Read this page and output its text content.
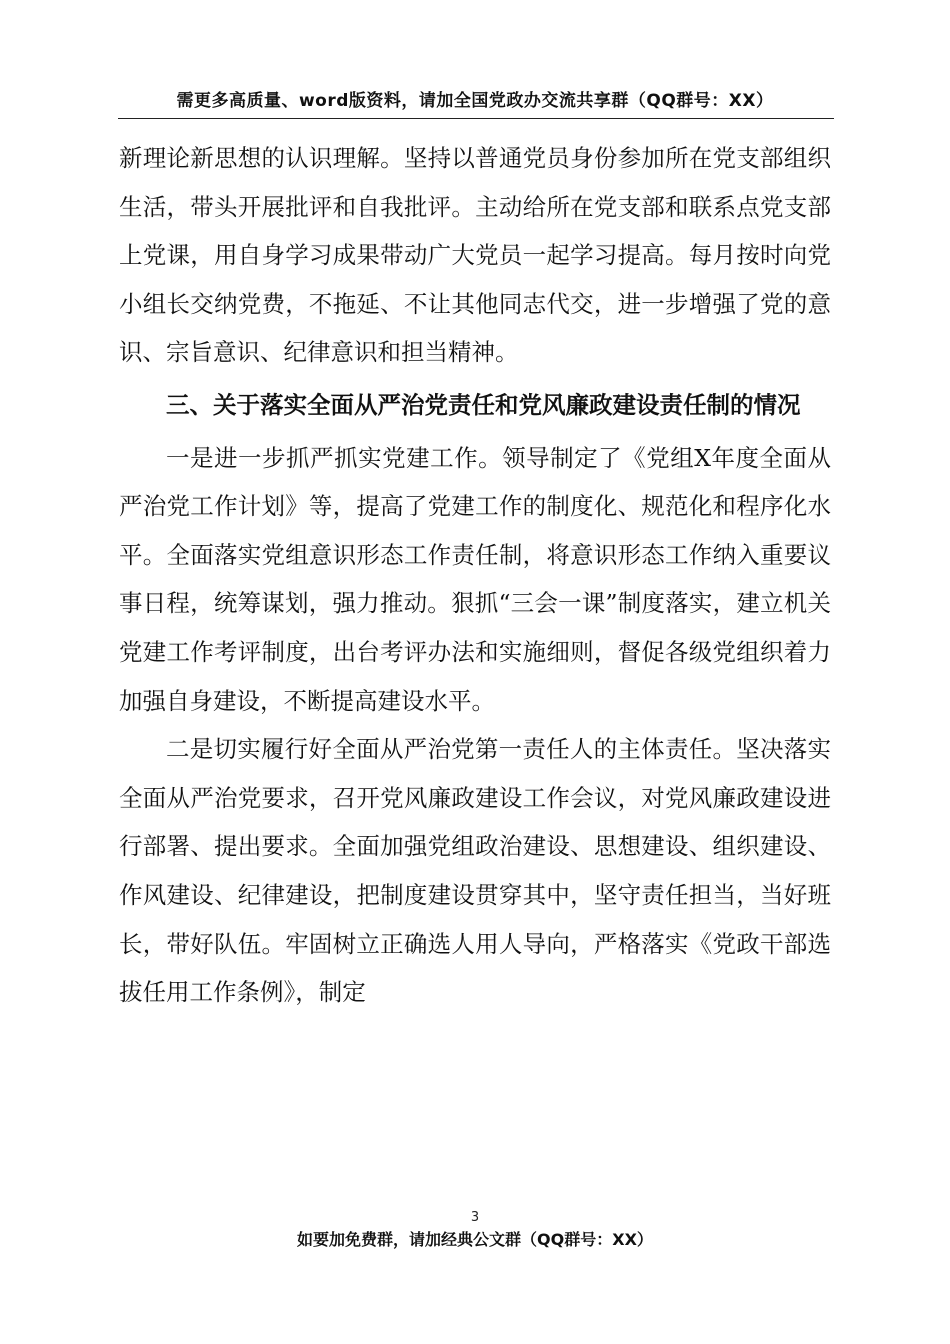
需更多高质量、word版资料，请加全国党政办交流共享群（QQ群号：XX）

新理论新思想的认识理解。坚持以普通党员身份参加所在党支部组织生活，带头开展批评和自我批评。主动给所在党支部和联系点党支部上党课，用自身学习成果带动广大党员一起学习提高。每月按时向党小组长交纳党费，不拖延、不让其他同志代交，进一步增强了党的意识、宗旨意识、纪律意识和担当精神。

三、关于落实全面从严治党责任和党风廉政建设责任制的情况

一是进一步抓严抓实党建工作。领导制定了《党组X年度全面从严治党工作计划》等，提高了党建工作的制度化、规范化和程序化水平。全面落实党组意识形态工作责任制，将意识形态工作纳入重要议事日程，统筹谋划，强力推动。狠抓“三会一课”制度落实，建立机关党建工作考评制度，出台考评办法和实施细则，督促各级党组织着力加强自身建设，不断提高建设水平。

二是切实履行好全面从严治党第一责任人的主体责任。坚决落实全面从严治党要求，召开党风廉政建设工作会议，对党风廉政建设进行部署、提出要求。全面加强党组政治建设、思想建设、组织建设、作风建设、纪律建设，把制度建设贯穿其中，坚守责任担当，当好班长，带好队伍。牢固树立正确选人用人导向，严格落实《党政干部选拔任用工作条例》，制定

3
如要加免费群，请加经典公文群（QQ群号：XX）
